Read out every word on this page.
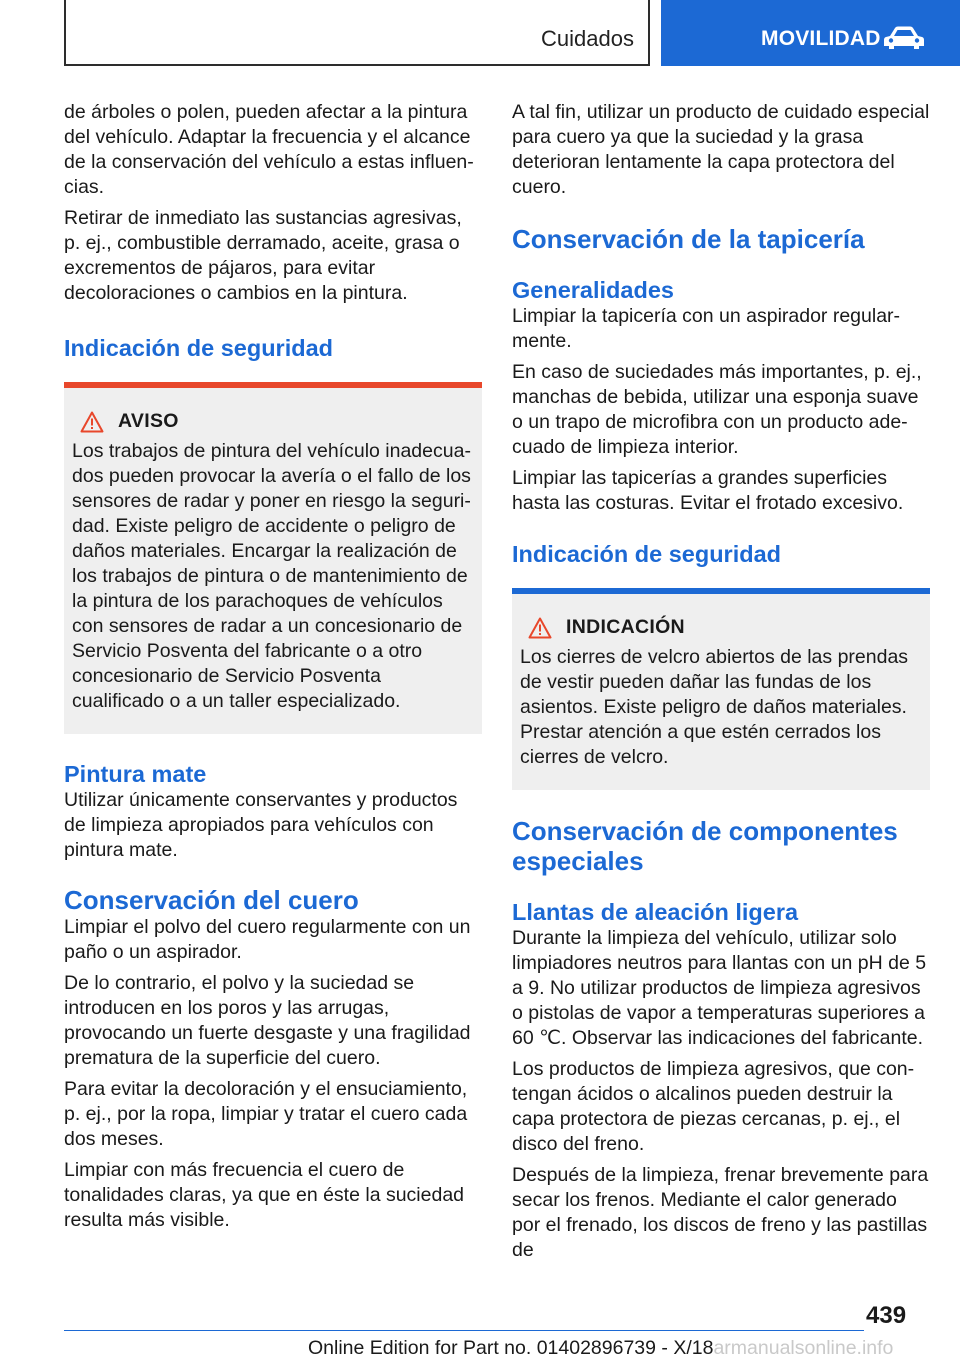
Cuidados	MOVILIDAD

de árboles o polen, pueden afectar a la pintura del vehículo. Adaptar la frecuencia y el alcance de la conservación del vehículo a estas influencias.

Retirar de inmediato las sustancias agresivas, p. ej., combustible derramado, aceite, grasa o excrementos de pájaros, para evitar decoloraciones o cambios en la pintura.

Indicación de seguridad
AVISO

Los trabajos de pintura del vehículo inadecuados pueden provocar la avería o el fallo de los sensores de radar y poner en riesgo la seguridad. Existe peligro de accidente o peligro de daños materiales. Encargar la realización de los trabajos de pintura o de mantenimiento de la pintura de los parachoques de vehículos con sensores de radar a un concesionario de Servicio Posventa del fabricante o a otro concesionario de Servicio Posventa cualificado o a un taller especializado.

Pintura mate

Utilizar únicamente conservantes y productos de limpieza apropiados para vehículos con pintura mate.

Conservación del cuero

Limpiar el polvo del cuero regularmente con un paño o un aspirador.

De lo contrario, el polvo y la suciedad se introducen en los poros y las arrugas, provocando un fuerte desgaste y una fragilidad prematura de la superficie del cuero.

Para evitar la decoloración y el ensuciamiento, p. ej., por la ropa, limpiar y tratar el cuero cada dos meses.

Limpiar con más frecuencia el cuero de tonalidades claras, ya que en éste la suciedad resulta más visible.

A tal fin, utilizar un producto de cuidado especial para cuero ya que la suciedad y la grasa deterioran lentamente la capa protectora del cuero.

Conservación de la tapicería
Generalidades

Limpiar la tapicería con un aspirador regularmente.

En caso de suciedades más importantes, p. ej., manchas de bebida, utilizar una esponja suave o un trapo de microfibra con un producto adecuado de limpieza interior.

Limpiar las tapicerías a grandes superficies hasta las costuras. Evitar el frotado excesivo.

Indicación de seguridad
INDICACIÓN

Los cierres de velcro abiertos de las prendas de vestir pueden dañar las fundas de los asientos. Existe peligro de daños materiales. Prestar atención a que estén cerrados los cierres de velcro.

Conservación de componentes especiales
Llantas de aleación ligera

Durante la limpieza del vehículo, utilizar solo limpiadores neutros para llantas con un pH de 5 a 9. No utilizar productos de limpieza agresivos o pistolas de vapor a temperaturas superiores a 60 ℃. Observar las indicaciones del fabricante.

Los productos de limpieza agresivos, que contengan ácidos o alcalinos pueden destruir la capa protectora de piezas cercanas, p. ej., el disco del freno.

Después de la limpieza, frenar brevemente para secar los frenos. Mediante el calor generado por el frenado, los discos de freno y las pastillas de

439
Online Edition for Part no. 01402896739 - X/18armanualsonline.info
